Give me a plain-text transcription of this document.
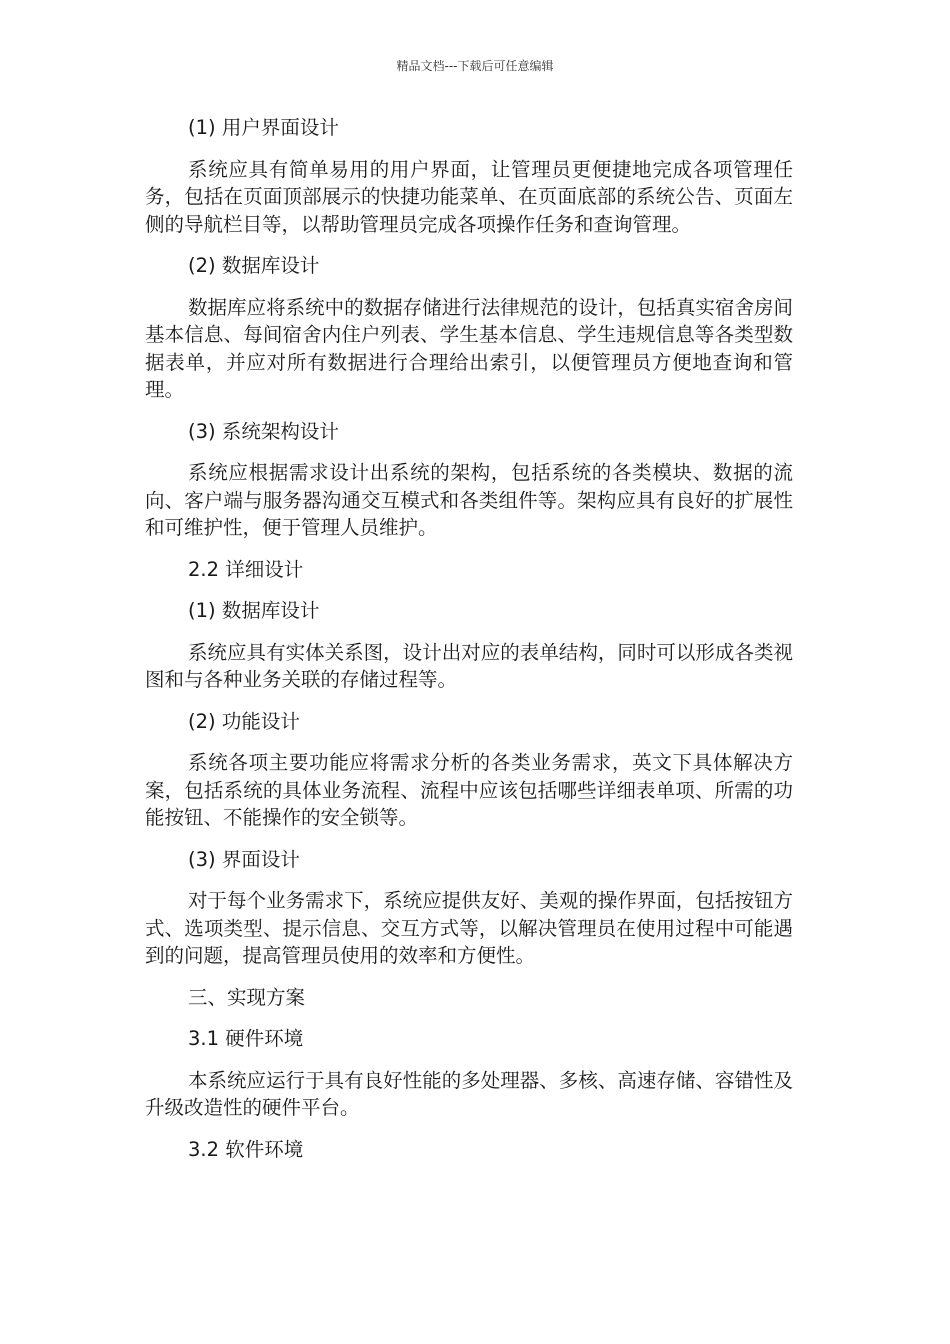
精品文档---下载后可任意编辑

(1) 用户界面设计

系统应具有简单易用的用户界面，让管理员更便捷地完成各项管理任务，包括在页面顶部展示的快捷功能菜单、在页面底部的系统公告、页面左侧的导航栏目等，以帮助管理员完成各项操作任务和查询管理。

(2) 数据库设计

数据库应将系统中的数据存储进行法律规范的设计，包括真实宿舍房间基本信息、每间宿舍内住户列表、学生基本信息、学生违规信息等各类型数据表单，并应对所有数据进行合理给出索引，以便管理员方便地查询和管理。

(3) 系统架构设计

系统应根据需求设计出系统的架构，包括系统的各类模块、数据的流向、客户端与服务器沟通交互模式和各类组件等。架构应具有良好的扩展性和可维护性，便于管理人员维护。

2.2 详细设计

(1) 数据库设计

系统应具有实体关系图，设计出对应的表单结构，同时可以形成各类视图和与各种业务关联的存储过程等。

(2) 功能设计

系统各项主要功能应将需求分析的各类业务需求，英文下具体解决方案，包括系统的具体业务流程、流程中应该包括哪些详细表单项、所需的功能按钮、不能操作的安全锁等。

(3) 界面设计

对于每个业务需求下，系统应提供友好、美观的操作界面，包括按钮方式、选项类型、提示信息、交互方式等，以解决管理员在使用过程中可能遇到的问题，提高管理员使用的效率和方便性。

三、实现方案

3.1 硬件环境

本系统应运行于具有良好性能的多处理器、多核、高速存储、容错性及升级改造性的硬件平台。

3.2 软件环境
